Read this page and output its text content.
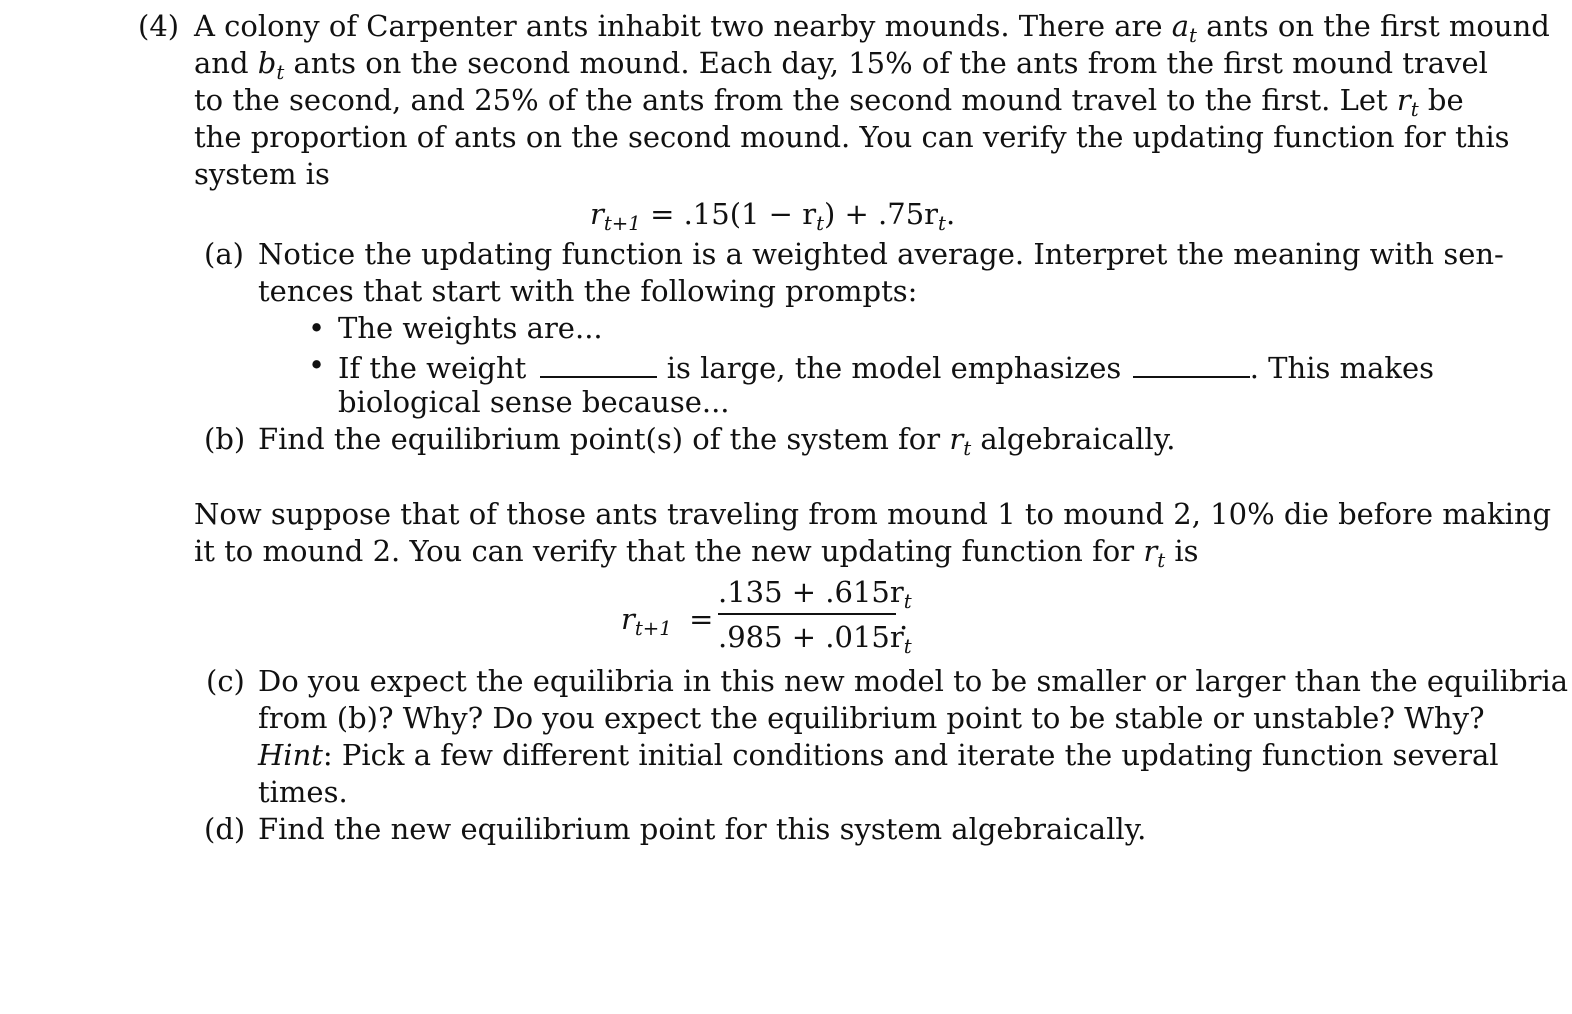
(4) A colony of Carpenter ants inhabit two nearby mounds. There are $a_t$ ants on the first mound
and $b_t$ ants on the second mound. Each day, 15% of the ants from the first mound travel
to the second, and 25% of the ants from the second mound travel to the first. Let $r_t$ be
the proportion of ants on the second mound. You can verify the updating function for this
system is
$r_{t+1} = .15(1 - r_t) + .75r_t$.
(a) Notice the updating function is a weighted average. Interpret the meaning with sen-
tences that start with the following prompts:
• The weights are...
• If the weight	is large, the model emphasizes	. This makes
biological sense because...
(b) Find the equilibrium point(s) of the system for $r_t$ algebraically.
Now suppose that of those ants traveling from mound 1 to mound 2, 10% die before making
it to mound 2. You can verify that the new updating function for $r_t$ is
$r_{t+1}$ =
$.135 + .615r_t$
$.985 + .015r_t$
.
(c) Do you expect the equilibria in this new model to be smaller or larger than the equilibria
from (b)? Why? Do you expect the equilibrium point to be stable or unstable? Why?
Hint: Pick a few different initial conditions and iterate the updating function several
times.
(d) Find the new equilibrium point for this system algebraically.
